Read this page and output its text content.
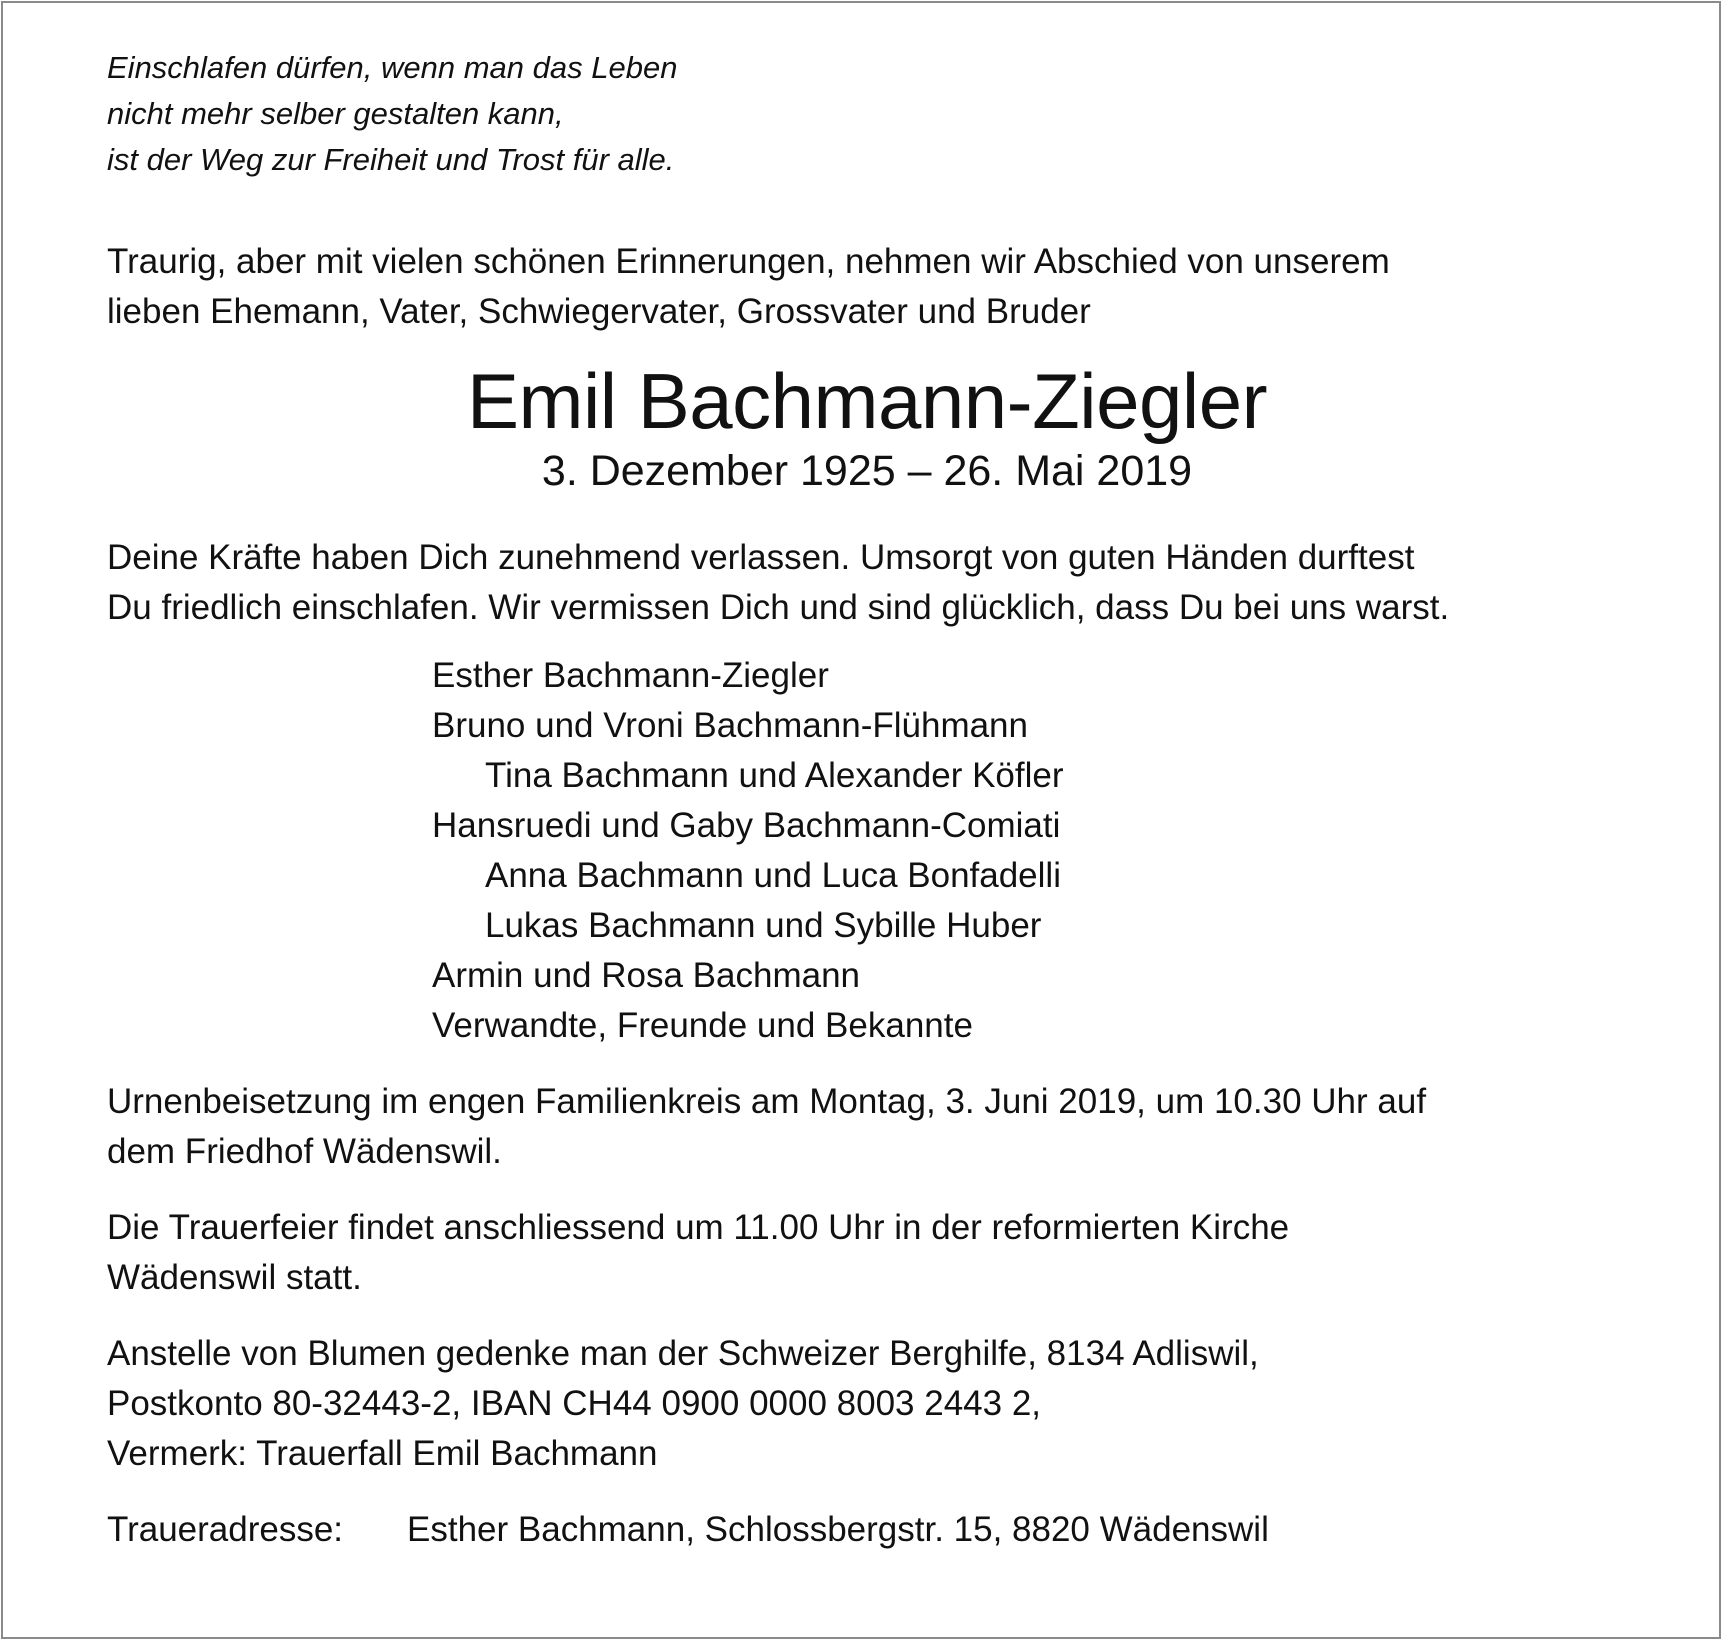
Einschlafen dürfen, wenn man das Leben
nicht mehr selber gestalten kann,
ist der Weg zur Freiheit und Trost für alle.
Traurig, aber mit vielen schönen Erinnerungen, nehmen wir Abschied von unserem
lieben Ehemann, Vater, Schwiegervater, Grossvater und Bruder
Emil Bachmann-Ziegler
3. Dezember 1925 – 26. Mai 2019
Deine Kräfte haben Dich zunehmend verlassen. Umsorgt von guten Händen durftest
Du friedlich einschlafen. Wir vermissen Dich und sind glücklich, dass Du bei uns warst.
Esther Bachmann-Ziegler
Bruno und Vroni Bachmann-Flühmann
Tina Bachmann und Alexander Köfler
Hansruedi und Gaby Bachmann-Comiati
Anna Bachmann und Luca Bonfadelli
Lukas Bachmann und Sybille Huber
Armin und Rosa Bachmann
Verwandte, Freunde und Bekannte
Urnenbeisetzung im engen Familienkreis am Montag, 3. Juni 2019, um 10.30 Uhr auf
dem Friedhof Wädenswil.
Die Trauerfeier findet anschliessend um 11.00 Uhr in der reformierten Kirche
Wädenswil statt.
Anstelle von Blumen gedenke man der Schweizer Berghilfe, 8134 Adliswil,
Postkonto 80-32443-2, IBAN CH44 0900 0000 8003 2443 2,
Vermerk: Trauerfall Emil Bachmann
Traueradresse: Esther Bachmann, Schlossbergstr. 15, 8820 Wädenswil
